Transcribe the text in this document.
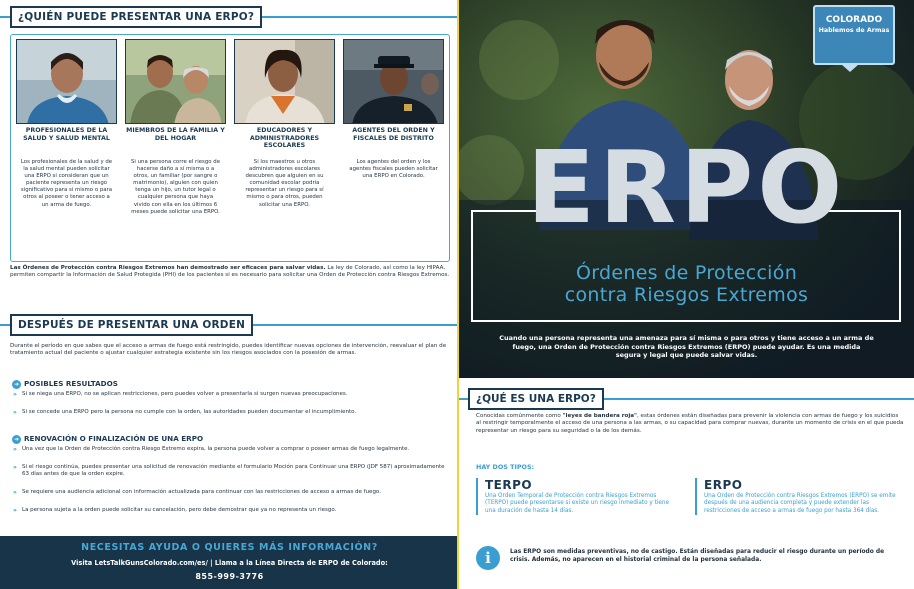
¿QUIÉN PUEDE PRESENTAR UNA ERPO?
PROFESIONALES DE LA SALUD Y SALUD MENTAL
Los profesionales de la salud y de la salud mental pueden solicitar una ERPO si consideran que un paciente representa un riesgo significativo para sí mismo o para otros al poseer o tener acceso a un arma de fuego.
MIEMBROS DE LA FAMILIA Y DEL HOGAR
Si una persona corre el riesgo de hacerse daño a sí misma o a otros, un familiar (por sangre o matrimonio), alguien con quien tenga un hijo, un tutor legal o cualquier persona que haya vivido con ella en los últimos 6 meses puede solicitar una ERPO.
EDUCADORES Y ADMINISTRADORES ESCOLARES
Si los maestros u otros administradores escolares descubren que alguien en su comunidad escolar podría representar un riesgo para sí mismo o para otros, pueden solicitar una ERPO.
AGENTES DEL ORDEN Y FISCALES DE DISTRITO
Los agentes del orden y los agentes fiscales pueden solicitar una ERPO en Colorado.
Las Órdenes de Protección contra Riesgos Extremos han demostrado ser eficaces para salvar vidas. La ley de Colorado, así como la ley HIPAA, permiten compartir la Información de Salud Protegida (PHI) de los pacientes si es necesario para solicitar una Orden de Protección contra Riesgos Extremos.
DESPUÉS DE PRESENTAR UNA ORDEN
Durante el período en que sabes que el acceso a armas de fuego está restringido, puedes identificar nuevas opciones de intervención, reevaluar el plan de tratamiento actual del paciente o ajustar cualquier estrategia existente sin los riesgos asociados con la posesión de armas.
➜ POSIBLES RESULTADOS
» Si se niega una ERPO, no se aplican restricciones, pero puedes volver a presentarla si surgen nuevas preocupaciones.
» Si se concede una ERPO pero la persona no cumple con la orden, las autoridades pueden documentar el incumplimiento.
➜ RENOVACIÓN O FINALIZACIÓN DE UNA ERPO
» Una vez que la Orden de Protección contra Riesgo Extremo expira, la persona puede volver a comprar o poseer armas de fuego legalmente.
» Si el riesgo continúa, puedes presentar una solicitud de renovación mediante el formulario Moción para Continuar una ERPO (JDF 587) aproximadamente 63 días antes de que la orden expire.
» Se requiere una audiencia adicional con información actualizada para continuar con las restricciones de acceso a armas de fuego.
» La persona sujeta a la orden puede solicitar su cancelación, pero debe demostrar que ya no representa un riesgo.
NECESITAS AYUDA O QUIERES MÁS INFORMACIÓN?
Visita LetsTalkGunsColorado.com/es/ | Llama a la Línea Directa de ERPO de Colorado:
855-999-3776
COLORADO
Hablemos de Armas
ERPO
Órdenes de Protección
contra Riesgos Extremos
Cuando una persona representa una amenaza para sí misma o para otros y tiene acceso a un arma de fuego, una Orden de Protección contra Riesgos Extremos (ERPO) puede ayudar. Es una medida segura y legal que puede salvar vidas.
¿QUÉ ES UNA ERPO?
Conocidas comúnmente como "leyes de bandera roja", estas órdenes están diseñadas para prevenir la violencia con armas de fuego y los suicidios al restringir temporalmente el acceso de una persona a las armas, o su capacidad para comprar nuevas, durante un momento de crisis en el que pueda representar un riesgo para su seguridad o la de los demás.
HAY DOS TIPOS:
TERPO
Una Orden Temporal de Protección contra Riesgos Extremos (TERPO) puede presentarse si existe un riesgo inmediato y tiene una duración de hasta 14 días.
ERPO
Una Orden de Protección contra Riesgos Extremos (ERPO) se emite después de una audiencia completa y puede extender las restricciones de acceso a armas de fuego por hasta 364 días.
i	Las ERPO son medidas preventivas, no de castigo. Están diseñadas para reducir el riesgo durante un período de crisis. Además, no aparecen en el historial criminal de la persona señalada.
